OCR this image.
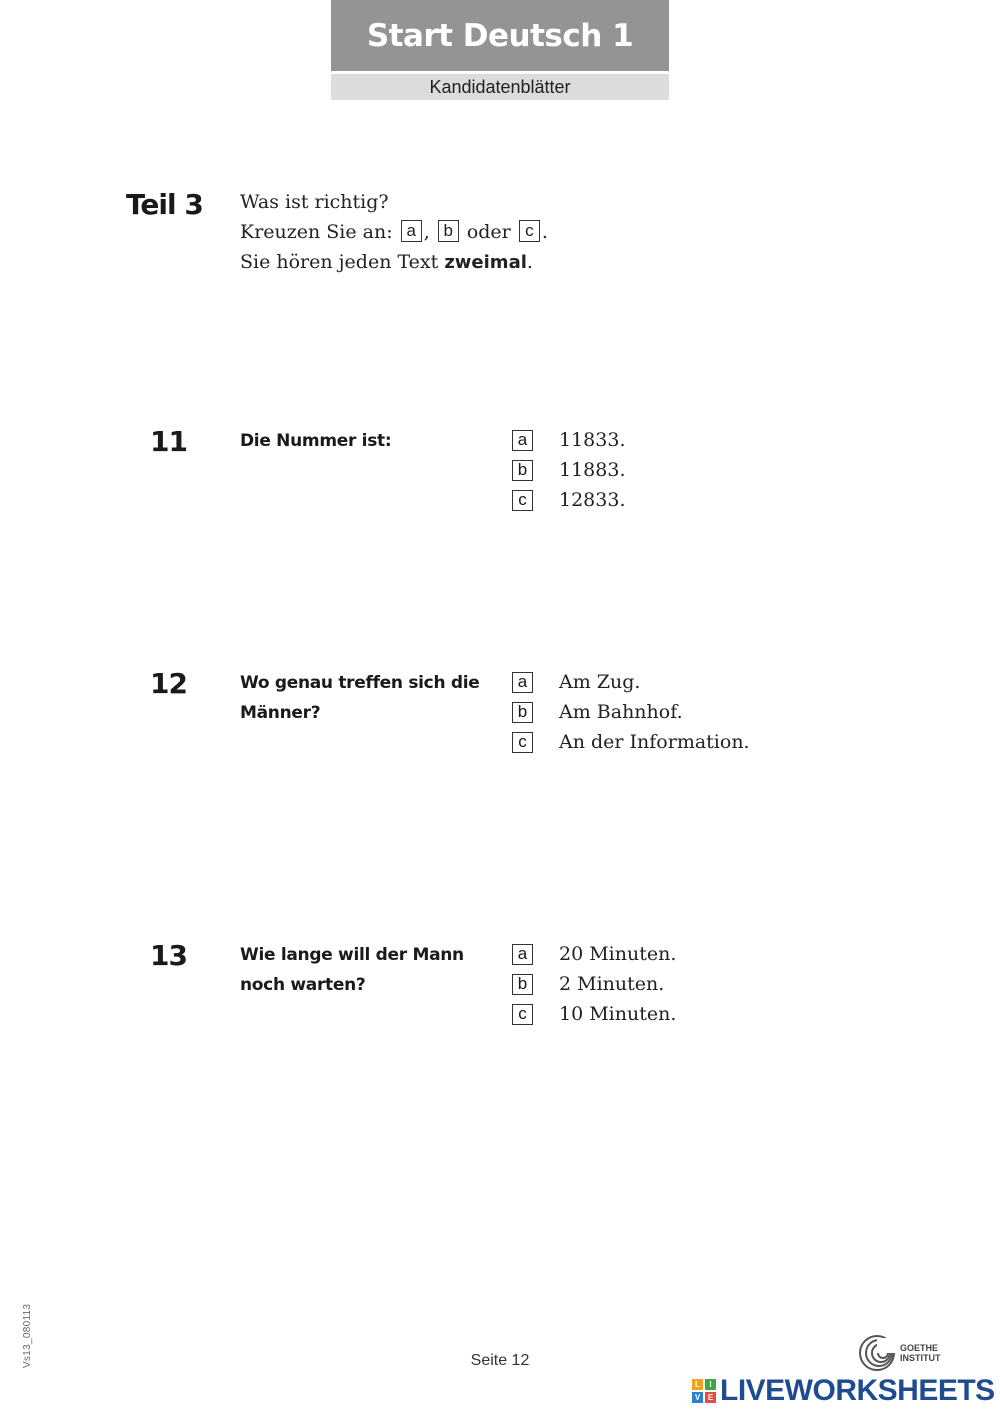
Start Deutsch 1
Kandidatenblätter
Teil 3 Was ist richtig?
Kreuzen Sie an: a , b oder c .
Sie hören jeden Text zweimal.
11	Die Nummer ist:	a	11833.
b	11883.
c	12833.
12	Wo genau treffen sich die Männer?
a	Am Zug.
b	Am Bahnhof.
c	An der Information.
13	Wie lange will der Mann noch warten?
a	20 Minuten.
b	2 Minuten.
c	10 Minuten.
Vs13_080113	Seite 12
GOETHE
INSTITUT
L	I
V E LIVEWORKSHEETS
